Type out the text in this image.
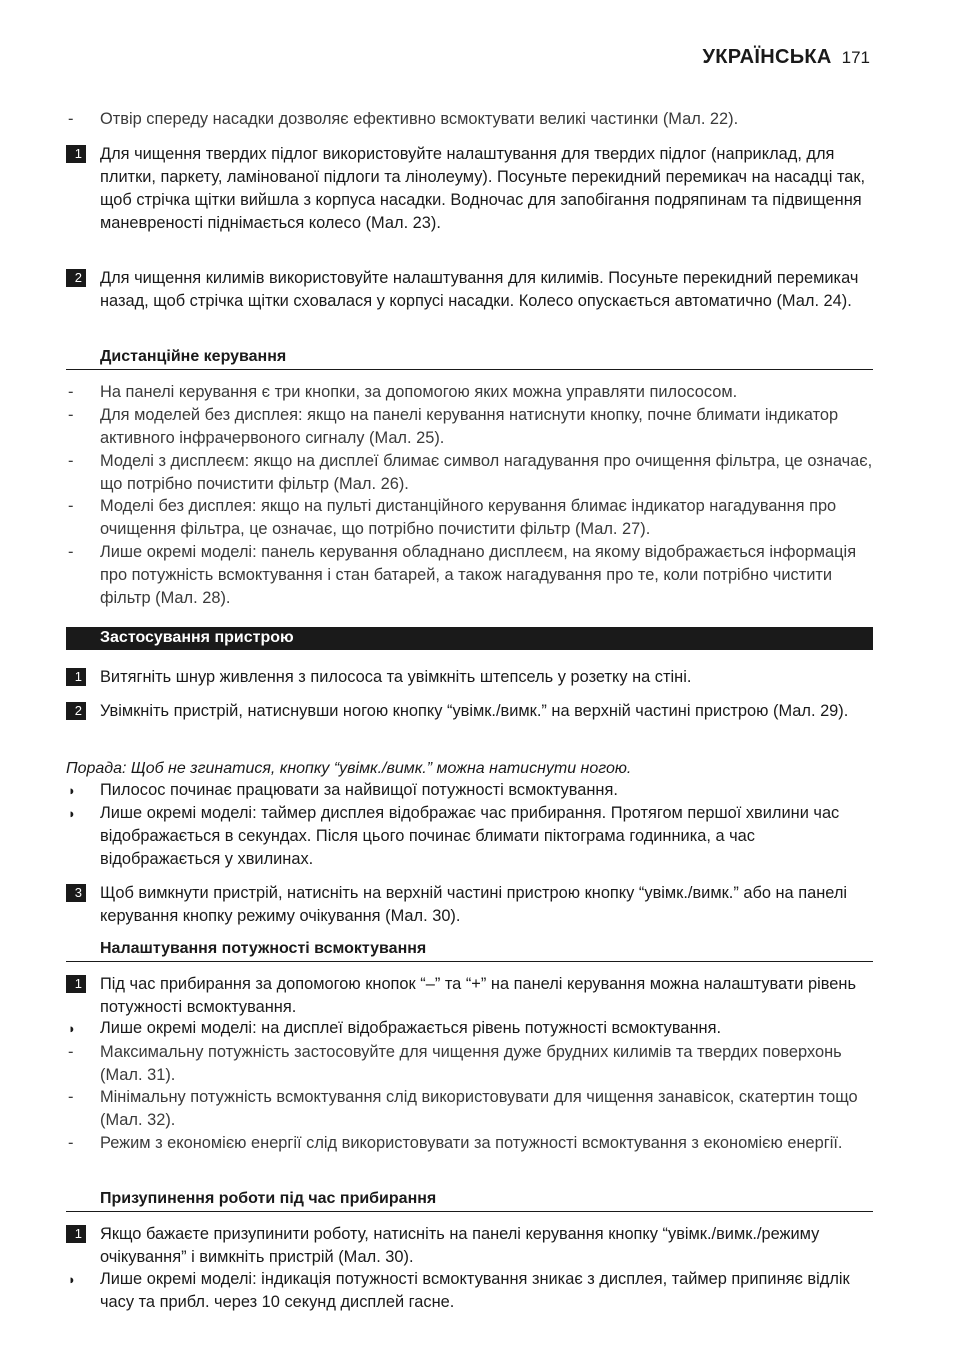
УКРАЇНСЬКА 171
- Отвір спереду насадки дозволяє ефективно всмоктувати великі частинки (Мал. 22).
1 Для чищення твердих підлог використовуйте налаштування для твердих підлог (наприклад, для плитки, паркету, ламінованої підлоги та лінолеуму). Посуньте перекидний перемикач на насадці так, щоб стрічка щітки вийшла з корпуса насадки. Водночас для запобігання подряпинам та підвищення маневреності піднімається колесо (Мал. 23).
2 Для чищення килимів використовуйте налаштування для килимів. Посуньте перекидний перемикач назад, щоб стрічка щітки сховалася у корпусі насадки. Колесо опускається автоматично (Мал. 24).
Дистанційне керування
- На панелі керування є три кнопки, за допомогою яких можна управляти пилососом.
- Для моделей без дисплея: якщо на панелі керування натиснути кнопку, почне блимати індикатор активного інфрачервоного сигналу (Мал. 25).
- Моделі з дисплеєм: якщо на дисплеї блимає символ нагадування про очищення фільтра, це означає, що потрібно почистити фільтр (Мал. 26).
- Моделі без дисплея: якщо на пульті дистанційного керування блимає індикатор нагадування про очищення фільтра, це означає, що потрібно почистити фільтр (Мал. 27).
- Лише окремі моделі: панель керування обладнано дисплеєм, на якому відображається інформація про потужність всмоктування і стан батарей, а також нагадування про те, коли потрібно чистити фільтр (Мал. 28).
Застосування пристрою
1 Витягніть шнур живлення з пилососа та увімкніть штепсель у розетку на стіні.
2 Увімкніть пристрій, натиснувши ногою кнопку “увімк./вимк.” на верхній частині пристрою (Мал. 29).
Порада: Щоб не згинатися, кнопку “увімк./вимк.” можна натиснути ногою.
◗ Пилосос починає працювати за найвищої потужності всмоктування.
◗ Лише окремі моделі: таймер дисплея відображає час прибирання. Протягом першої хвилини час відображається в секундах. Після цього починає блимати піктограма годинника, а час відображається у хвилинах.
3 Щоб вимкнути пристрій, натисніть на верхній частині пристрою кнопку “увімк./вимк.” або на панелі керування кнопку режиму очікування (Мал. 30).
Налаштування потужності всмоктування
1 Під час прибирання за допомогою кнопок “–” та “+” на панелі керування можна налаштувати рівень потужності всмоктування.
◗ Лише окремі моделі: на дисплеї відображається рівень потужності всмоктування.
- Максимальну потужність застосовуйте для чищення дуже брудних килимів та твердих поверхонь (Мал. 31).
- Мінімальну потужність всмоктування слід використовувати для чищення занавісок, скатертин тощо (Мал. 32).
- Режим з економією енергії слід використовувати за потужності всмоктування з економією енергії.
Призупинення роботи під час прибирання
1 Якщо бажаєте призупинити роботу, натисніть на панелі керування кнопку “увімк./вимк./режиму очікування” і вимкніть пристрій (Мал. 30).
◗ Лише окремі моделі: індикація потужності всмоктування зникає з дисплея, таймер припиняє відлік часу та прибл. через 10 секунд дисплей гасне.
